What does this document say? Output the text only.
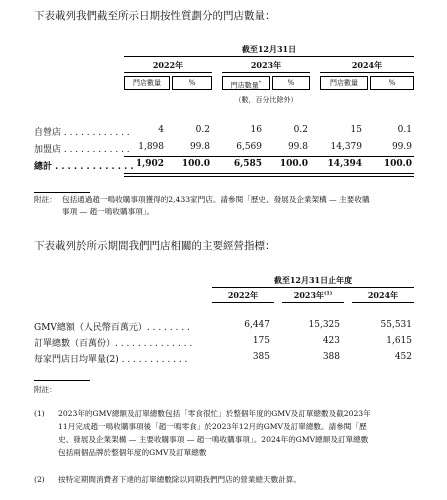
下表載列我們截至所示日期按性質劃分的門店數量：
截至12月31日
2022年	2023年	2024年
門店數量	%	門店數量*	%	門店數量	%
（數，百分比除外）
自營店 . . . . . . . . . . . .	4	0.2	16	0.2	15	0.1
加盟店 . . . . . . . . . . . . 1,898	99.8	6,569	99.8	14,379	99.9
總計 . . . . . . . . . . . . . 1,902	100.0	6,585	100.0	14,394	100.0
附註： 包括通過趙一鳴收購事項獲得的2,433家門店。請參閱「歷史、發展及企業架構 — 主要收購
事項 — 趙一鳴收購事項」。
下表載列於所示期間我們門店相關的主要經營指標：
截至12月31日止年度
2022年	2023年$^{(1)}$	2024年
GMV總額（人民幣百萬元）. . . . . . . .	6,447	15,325	55,531
訂單總數（百萬份）. . . . . . . . . . . . . .	175	423	1,615
每家門店日均單量(2) . . . . . . . . . . . .	385	388	452
附註：
(1) 2023年的GMV總額及訂單總數包括「零食很忙」於整個年度的GMV及訂單總數及截2023年
11月完成趙一鳴收購事項後「趙一鳴零食」於2023年12月的GMV及訂單總數。請參閱「歷
史、發展及企業架構 — 主要收購事項 — 趙一鳴收購事項」。2024年的GMV總額及訂單總數
包括兩個品牌於整個年度的GMV及訂單總數
(2) 按特定期間消費者下達的訂單總數除以同期我們門店的營業總天數計算。
